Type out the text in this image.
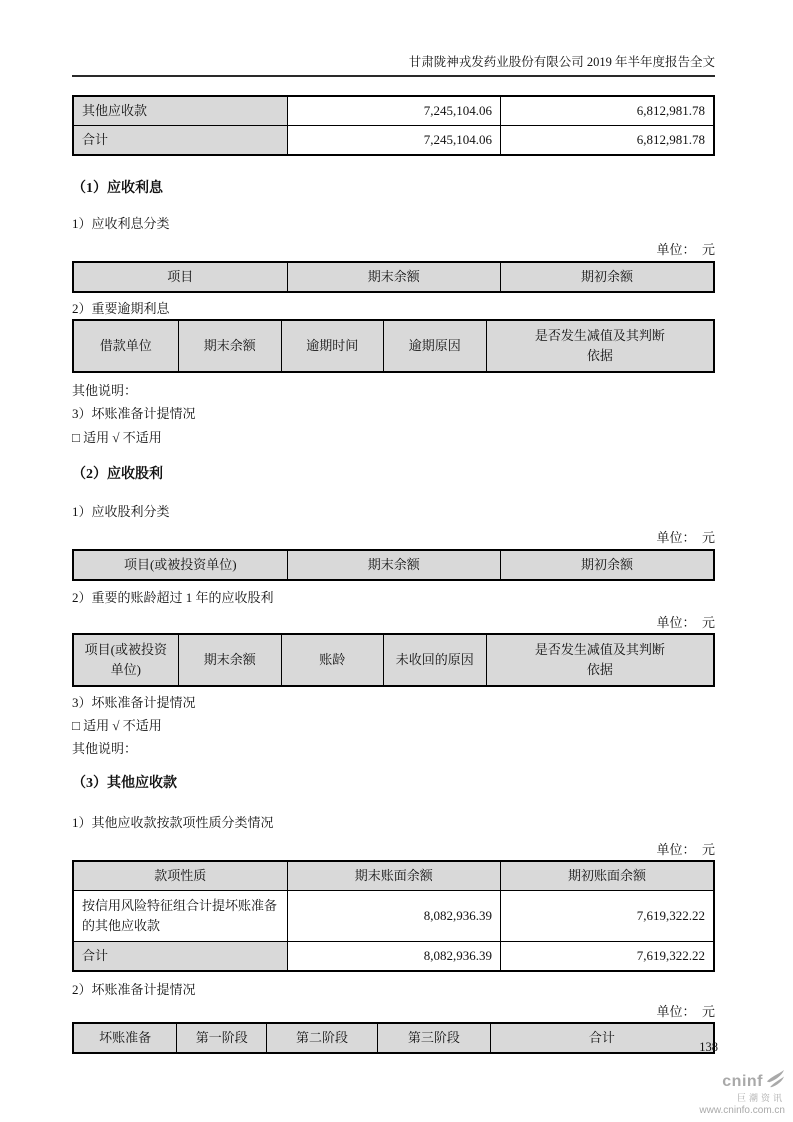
甘肃陇神戎发药业股份有限公司 2019 年半年度报告全文
其他应收款	7,245,104.06	6,812,981.78
合计	7,245,104.06	6,812,981.78
（1）应收利息

1）应收利息分类

单位：　元

项目	期末余额	期初余额

2）重要逾期利息

借款单位	期末余额	逾期时间	逾期原因	是否发生减值及其判断依据

其他说明：

3）坏账准备计提情况

□ 适用 √ 不适用

（2）应收股利

1）应收股利分类

单位：　元

项目(或被投资单位)	期末余额	期初余额

2）重要的账龄超过 1 年的应收股利

单位：　元

项目(或被投资单位)	期末余额	账龄	未收回的原因	是否发生减值及其判断依据

3）坏账准备计提情况

□ 适用 √ 不适用

其他说明：

（3）其他应收款

1）其他应收款按款项性质分类情况

单位：　元

款项性质	期末账面余额	期初账面余额
按信用风险特征组合计提坏账准备的其他应收款	8,082,936.39	7,619,322.22
合计	8,082,936.39	7,619,322.22

2）坏账准备计提情况

单位：　元

坏账准备	第一阶段	第二阶段	第三阶段	合计
138
cninf
巨潮资讯
www.cninfo.com.cn
